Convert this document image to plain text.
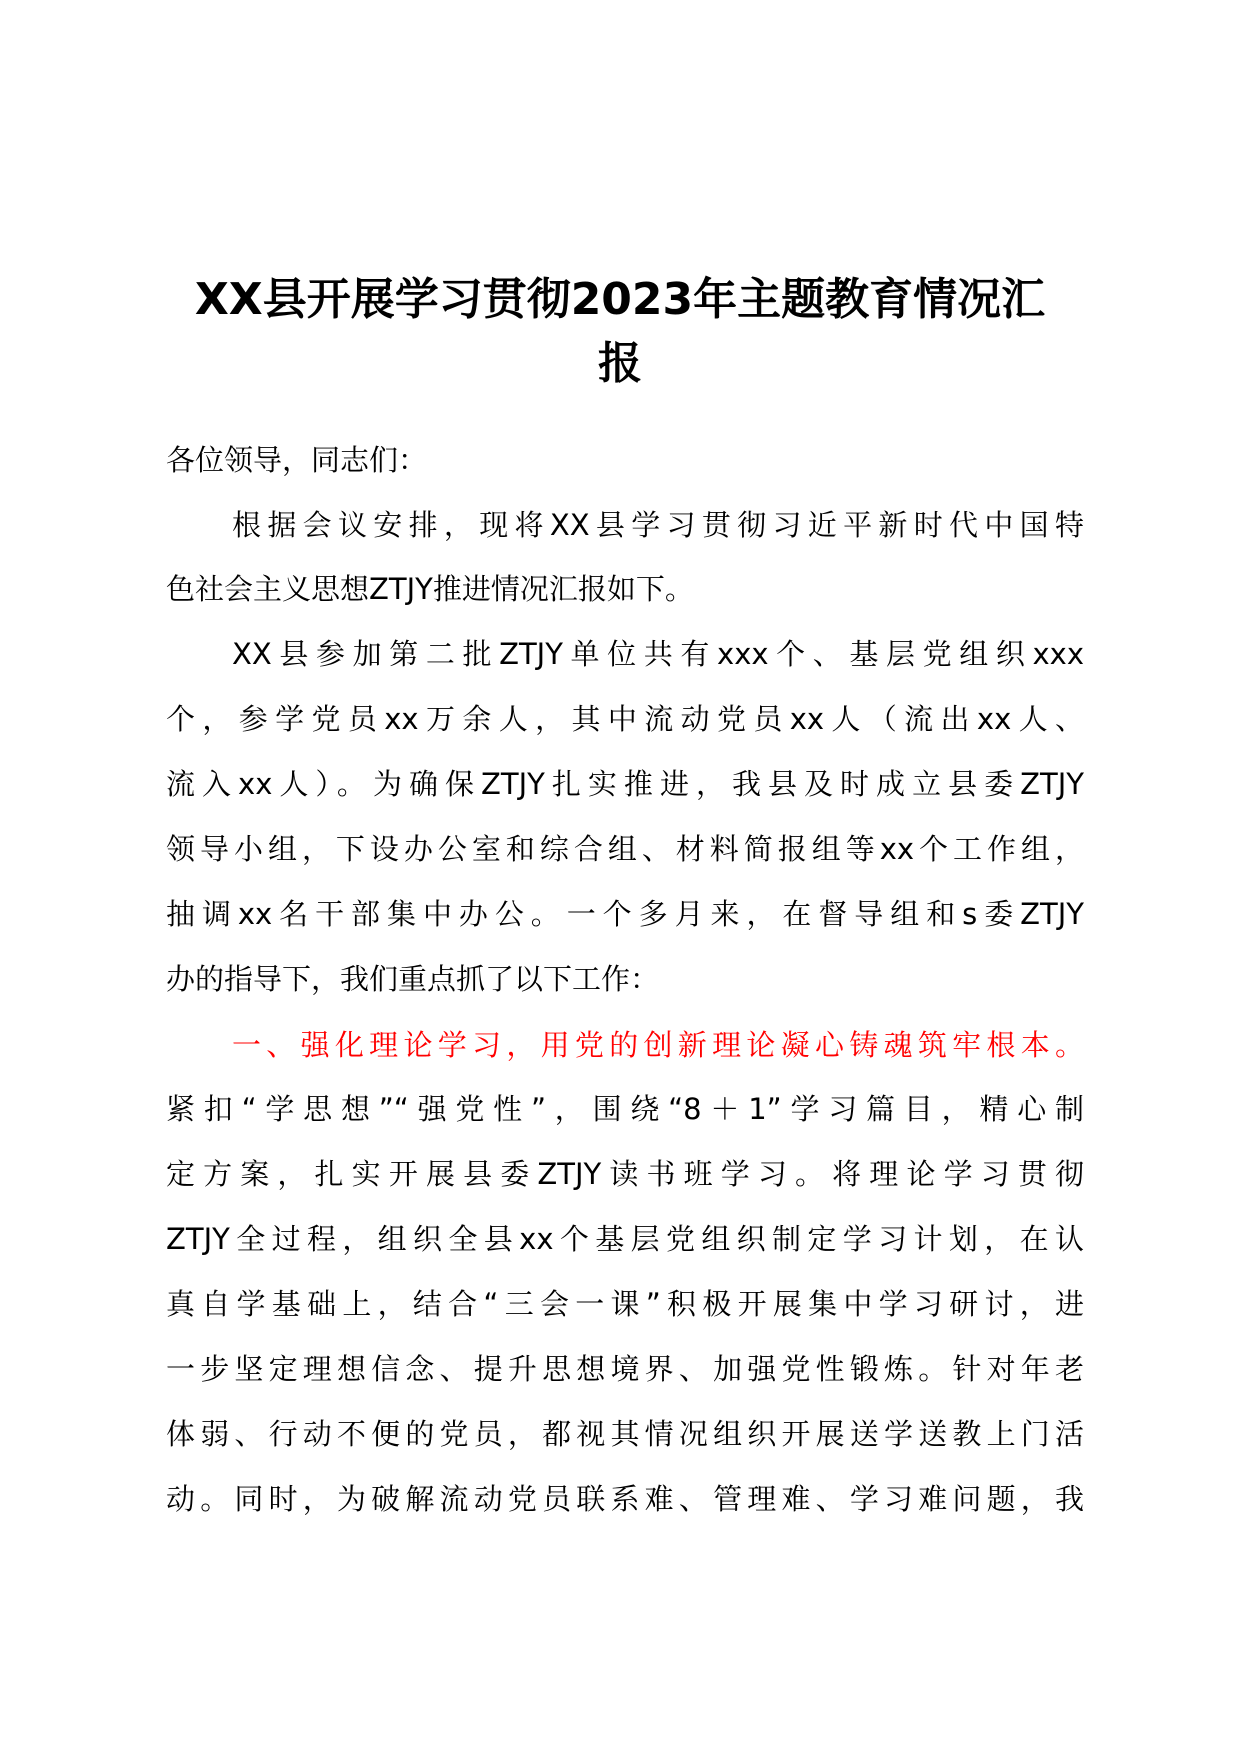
XX县开展学习贯彻2023年主题教育情况汇
报
各位领导，同志们：
根据会议安排，现将XX县学习贯彻习近平新时代中国特
色社会主义思想ZTJY推进情况汇报如下。
XX县参加第二批ZTJY单位共有xxx个、基层党组织xxx
个，参学党员xx万余人，其中流动党员xx人（流出xx人、
流入xx人）。为确保ZTJY扎实推进，我县及时成立县委ZTJY
领导小组，下设办公室和综合组、材料简报组等xx个工作组，
抽调xx名干部集中办公。一个多月来，在督导组和s委ZTJY
办的指导下，我们重点抓了以下工作：
一、强化理论学习，用党的创新理论凝心铸魂筑牢根本。
紧扣“学思想”“强党性”，围绕“8＋1”学习篇目，精心制
定方案，扎实开展县委ZTJY读书班学习。将理论学习贯彻
ZTJY全过程，组织全县xx个基层党组织制定学习计划，在认
真自学基础上，结合“三会一课”积极开展集中学习研讨，进
一步坚定理想信念、提升思想境界、加强党性锻炼。针对年老
体弱、行动不便的党员，都视其情况组织开展送学送教上门活
动。同时，为破解流动党员联系难、管理难、学习难问题，我
